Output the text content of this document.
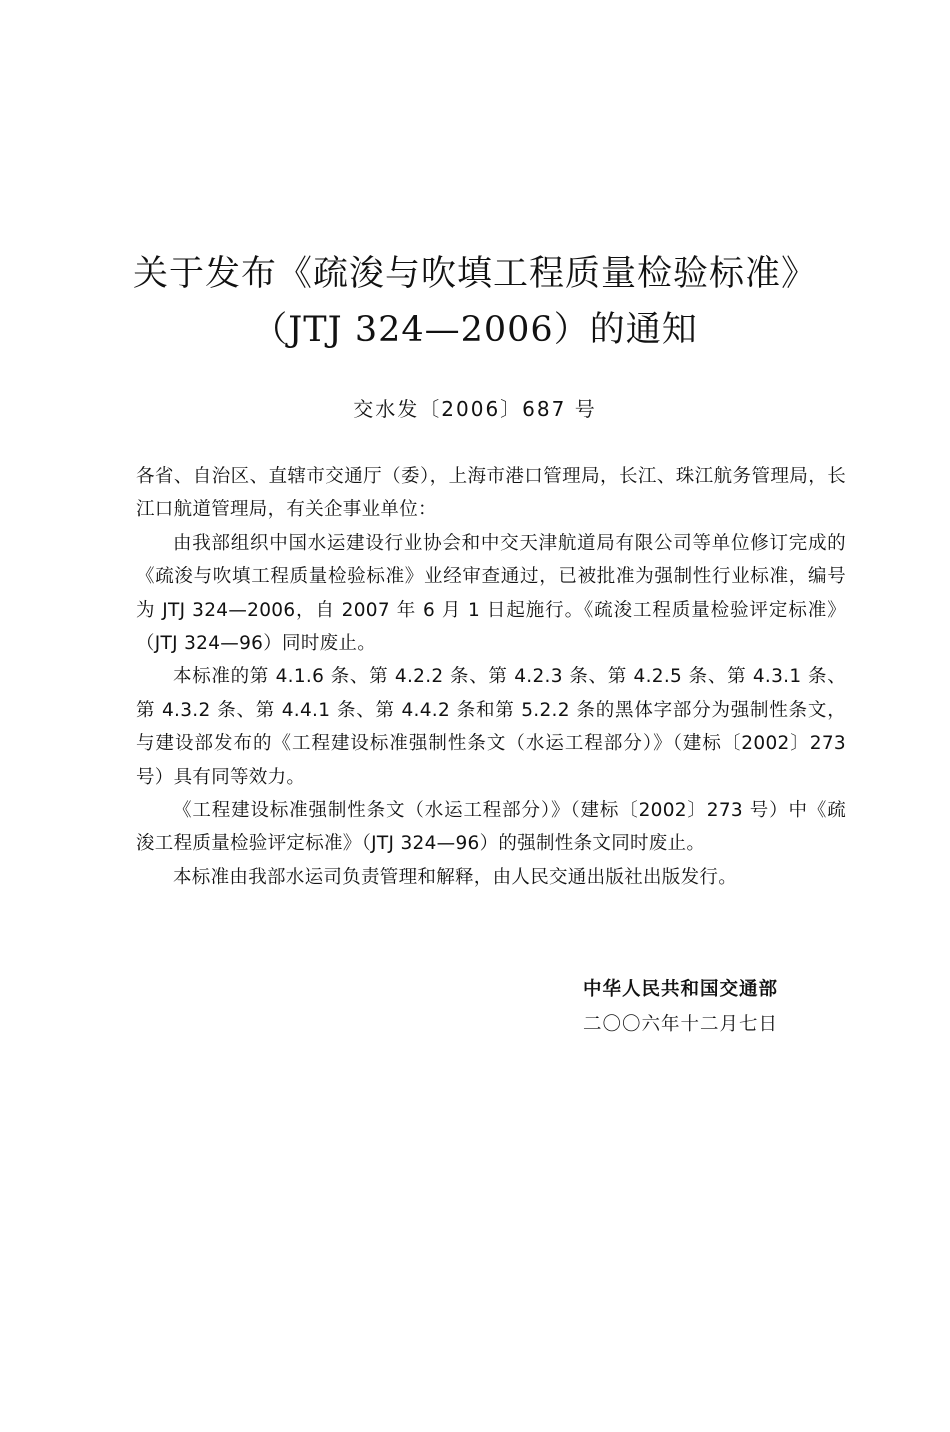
关于发布《疏浚与吹填工程质量检验标准》
（JTJ 324—2006）的通知
交水发〔2006〕687 号

各省、自治区、直辖市交通厅（委），上海市港口管理局，长江、珠江航务管理局，长江口航道管理局，有关企事业单位：

由我部组织中国水运建设行业协会和中交天津航道局有限公司等单位修订完成的《疏浚与吹填工程质量检验标准》业经审查通过，已被批准为强制性行业标准，编号为 JTJ 324—2006，自 2007 年 6 月 1 日起施行。《疏浚工程质量检验评定标准》（JTJ 324—96）同时废止。

本标准的第 4.1.6 条、第 4.2.2 条、第 4.2.3 条、第 4.2.5 条、第 4.3.1 条、第 4.3.2 条、第 4.4.1 条、第 4.4.2 条和第 5.2.2 条的黑体字部分为强制性条文，与建设部发布的《工程建设标准强制性条文（水运工程部分）》（建标〔2002〕273 号）具有同等效力。

《工程建设标准强制性条文（水运工程部分）》（建标〔2002〕273 号）中《疏浚工程质量检验评定标准》（JTJ 324—96）的强制性条文同时废止。

本标准由我部水运司负责管理和解释，由人民交通出版社出版发行。

中华人民共和国交通部
二〇〇六年十二月七日
